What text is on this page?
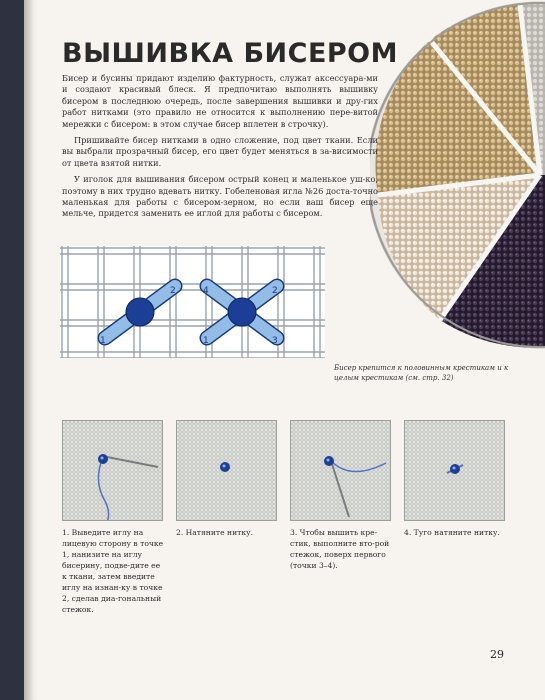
ВЫШИВКА БИСЕРОМ

Бисер и бусины придают изделию фактурность, служат аксессуара-ми и создают красивый блеск. Я предпочитаю выполнять вышивку бисером в последнюю очередь, после завершения вышивки и дру-гих работ нитками (это правило не относится к выполнению пере-витой мережки с бисером: в этом случае бисер вплетен в строчку).

Пришивайте бисер нитками в одно сложение, под цвет ткани. Если вы выбрали прозрачный бисер, его цвет будет меняться в за-висимости от цвета взятой нитки.

У иголок для вышивания бисером острый конец и маленькое уш-ко, поэтому в них трудно вдевать нитку. Гобеленовая игла №26 доста-точно маленькая для работы с бисером-зерном, но если ваш бисер еще мельче, придется заменить ее иглой для работы с бисером.

1
2
1
2
3
4
Бисер крепится к половинным крестикам и к целым крестикам (см. стр. 32)
1. Выведите иглу на лицевую сторону в точке 1, нанизите на иглу бисерину, подве-дите ее к ткани, затем введите иглу на изнан-ку в точке 2, сделав диа-гональный стежок.
2. Натяните нитку.	3. Чтобы вышить кре-стик, выполните вто-рой стежок, поверх первого (точки 3–4).
4. Туго натяните нитку.
29
